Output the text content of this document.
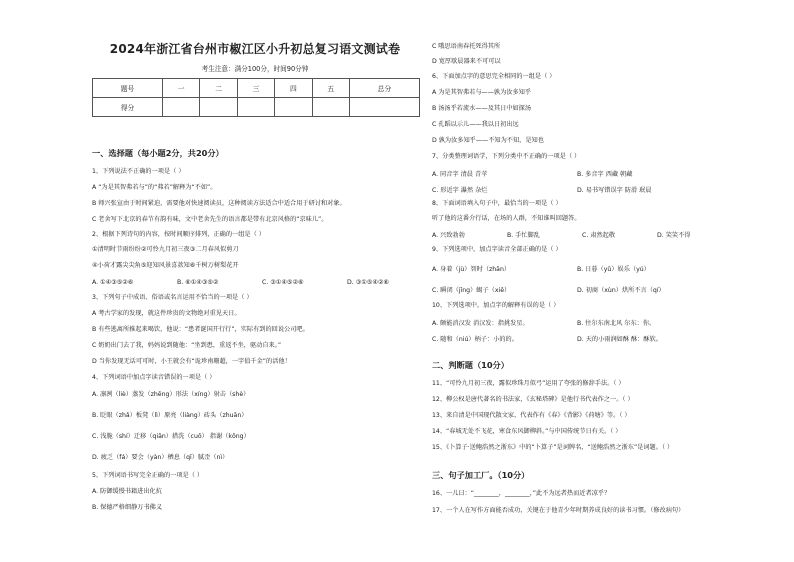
2024年浙江省台州市椒江区小升初总复习语文测试卷
考生注意：满分100分，时间90分钟
题号	一	二	三	四	五	总分
得分						
一、选择题（每小题2分，共20分）
1、下列说法不正确的一项是（ ）
A “为是其智弗若与”的“弗若”解释为“不如”。
B 师兴张宣由于时间紧迫，需要他对快速阅读员，这种阅读方法适合中适合用于研讨和对象。
C 老舍写下北京的春节有韵有味，文中老舍先生的语言都是带有北京风格的“京味儿”。
2、根据下列诗句的内容，按时间顺序排列，正确的一组是（ ）
①清明时节雨纷纷②可怜九月初三夜③二月春风似剪刀
④小荷才露尖尖角⑤迎知风景喜款知⑥千树万树梨花开
A. ①④③⑤②⑥	B. ⑥①④③⑤②	C. ③①④⑤②⑥	D. ③①⑤④②⑥
3、下列句子中成语、俗语或名言运用不恰当的一项是（ ）
A 考古学家的发现，就这件珍贵的文物绝对重见天日。
B 有些逃离所推起来喝饮，他说：“患者诞国开行行”，实际有到的回说公司吧。
C 奶奶出门去了我，妈妈说到随他：“坐到患，重返不坐，驱动自来。”
D 当你发现无话可可时，小王就会有“诡珍南珊超，一字值千金”的活他！
4、下列词语中加点字读音错误的一项是（ ）
A. 凛冽（liè）蒸发（zhēng）形法（xíng）射击（shè）
B. 眨眼（zhǎ）板凳（lì）原亮（liàng）砖头（zhuān）
C. 浅脆（shí）迁移（qiān）措洗（cuō） 指谢（kōng）
D. 疲乏（fá）要会（yàn）栖息（qī）腻歪（nì）
5、下列词语书写完全正确的一项是（ ）
A. 防御缓慢书籍进出化抗
B. 保德严格细静万书佛义
C 哦思语南春托死得其所
D 宽厚歇晨器来不可可以
6、下面加点字的意思完全相同的一组是（ ）
A 为是其智弗若与——孰为汝多知乎
B 汤汤乎若流水——及其日中如探汤
C 孔蹈以示儿——我以日初出远
D 孰为汝多知乎——不知为不知，是知也
7、分类整理词语学，下列分类中不正确的一项是（ ）
A. 同音字 清晨 青苹	B. 多音字 西藏 朝藏
C. 形近字 瀑然 杂烂	D. 易书写错误字 防滑 珉晨
8、下面词语填入句子中，最恰当的一项是（ ）
听了他的这番介行话，在场的人群，不知谁叫回题答。
A. 兴致勃勃	B. 手忙脚乱	C. 肃然起敬	D. 笑笑不得
9、下列选项中，加点字读音全部正确的是（ ）
A. 身着（jù）智时（zhān）	B. 日暮（yǔ）娱乐（yú）
C. 瞬闭（jīng）蝎子（xiē）	D. 初商（xùn）烘所不言（qí）
10、下列选项中，加点字的解释有误的是（ ）
A. 颇能消汉发 消汉发：指挑发星。	B. 往尔东南北风 尔东：你。
C. 随和（niú）柄子：小的的。	D. 天的小雨润如酥 酥：酥软。
二、判断题（10分）
11、“可怜九月初三夜，露似珍珠月似弓”运用了夸张的修辞手法。（ ）
12、柳公权是唐代著名的书法家，《玄秘塔碑》是他行书代表作之一。（ ）
13、来自清是中国现代散文家，代表作有《春》《背影》《荷塘》等。（ ）
14、“春城无处不飞花，寒食东风御柳斜。”与中国传统节日有关。（ ）
15、《卜算子·送鲍浩然之浙东》中的“卜算子”是词牌名，“送鲍浩然之浙东”是词题。（ ）
三、句子加工厂。（10分）
16、一儿曰：“________，________，”此不为远者热而近者凉乎？
17、一个人在写作方面能否成功，关键在于他青少年时期养成良好的读书习惯。（修改病句）
